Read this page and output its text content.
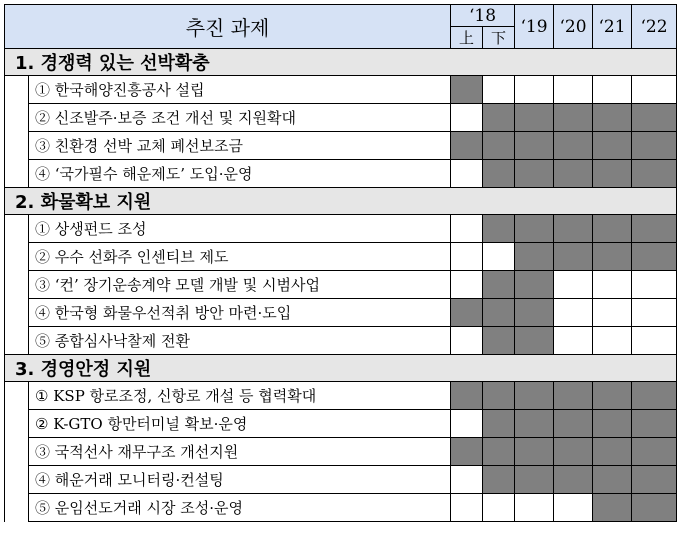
추진 과제		‘18		‘19	‘20	‘21	‘22
		上	下				
1. 경쟁력 있는 선박확충							
	① 한국해양진흥공사 설립						
	② 신조발주·보증 조건 개선 및 지원확대						
	③ 친환경 선박 교체 폐선보조금						
	④ ‘국가필수 해운제도’ 도입·운영						
2. 화물확보 지원							
	① 상생펀드 조성						
	② 우수 선화주 인센티브 제도						
	③ ‘컨’ 장기운송계약 모델 개발 및 시범사업						
	④ 한국형 화물우선적취 방안 마련·도입						
	⑤ 종합심사낙찰제 전환						
3. 경영안정 지원							
	① KSP 항로조정, 신항로 개설 등 협력확대						
	② K-GTO 항만터미널 확보·운영						
	③ 국적선사 재무구조 개선지원						
	④ 해운거래 모니터링·컨설팅						
	⑤ 운임선도거래 시장 조성·운영						
